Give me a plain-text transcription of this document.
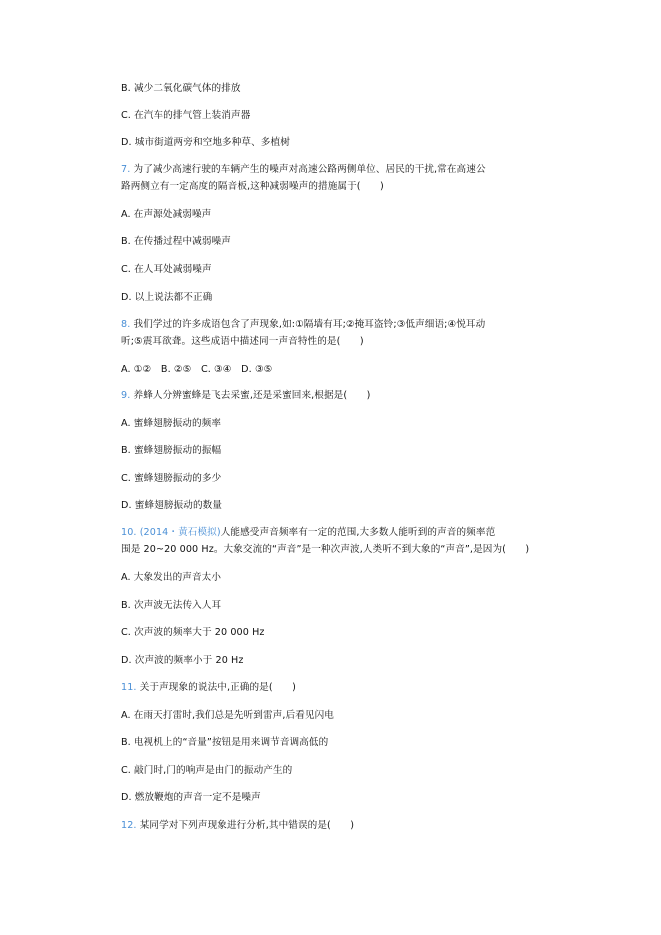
B. 减少二氧化碳气体的排放
C. 在汽车的排气管上装消声器
D. 城市街道两旁和空地多种草、多植树
7. 为了减少高速行驶的车辆产生的噪声对高速公路两侧单位、居民的干扰,常在高速公
路两侧立有一定高度的隔音板,这种减弱噪声的措施属于(　　)
A. 在声源处减弱噪声
B. 在传播过程中减弱噪声
C. 在人耳处减弱噪声
D. 以上说法都不正确
8. 我们学过的许多成语包含了声现象,如:①隔墙有耳;②掩耳盗铃;③低声细语;④悦耳动
听;⑤震耳欲聋。这些成语中描述同一声音特性的是(　　)
A. ①②　B. ②⑤　C. ③④　D. ③⑤
9. 养蜂人分辨蜜蜂是飞去采蜜,还是采蜜回来,根据是(　　)
A. 蜜蜂翅膀振动的频率
B. 蜜蜂翅膀振动的振幅
C. 蜜蜂翅膀振动的多少
D. 蜜蜂翅膀振动的数量
10. (2014・黄石模拟)人能感受声音频率有一定的范围,大多数人能听到的声音的频率范
围是 20~20 000 Hz。大象交流的“声音”是一种次声波,人类听不到大象的“声音”,是因为(　　)
A. 大象发出的声音太小
B. 次声波无法传入人耳
C. 次声波的频率大于 20 000 Hz
D. 次声波的频率小于 20 Hz
11. 关于声现象的说法中,正确的是(　　)
A. 在雨天打雷时,我们总是先听到雷声,后看见闪电
B. 电视机上的“音量”按钮是用来调节音调高低的
C. 敲门时,门的响声是由门的振动产生的
D. 燃放鞭炮的声音一定不是噪声
12. 某同学对下列声现象进行分析,其中错误的是(　　)
